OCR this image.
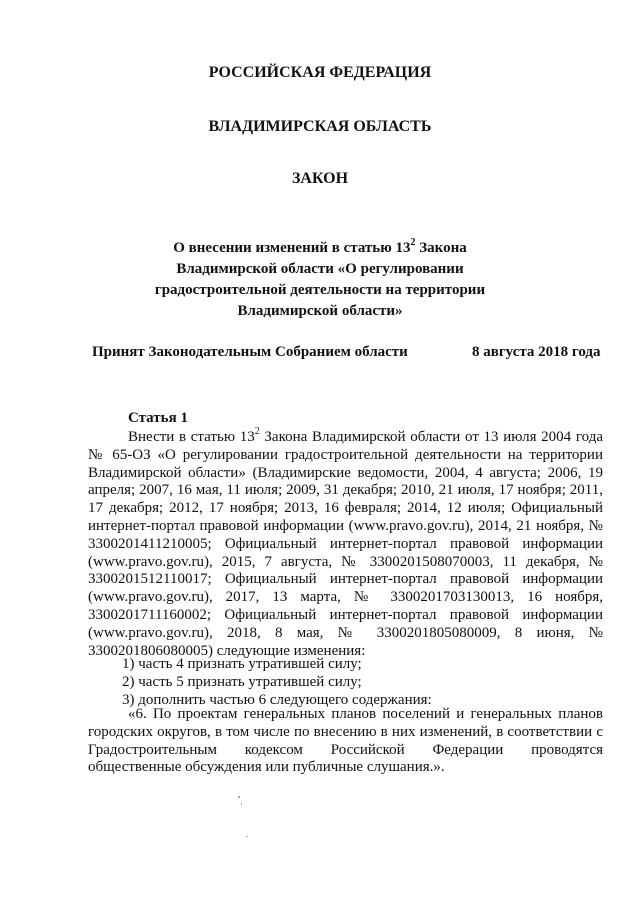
РОССИЙСКАЯ ФЕДЕРАЦИЯ
ВЛАДИМИРСКАЯ ОБЛАСТЬ
ЗАКОН
О внесении изменений в статью $13^2$ Закона
Владимирской области «О регулировании
градостроительной деятельности на территории
Владимирской области»
Принят Законодательным Собранием области	8 августа 2018 года
Статья 1
Внести в статью $13^2$ Закона Владимирской области от 13 июля 2004 года № 65-ОЗ «О регулировании градостроительной деятельности на территории Владимирской области» (Владимирские ведомости, 2004, 4 августа; 2006, 19 апреля; 2007, 16 мая, 11 июля; 2009, 31 декабря; 2010, 21 июля, 17 ноября; 2011, 17 декабря; 2012, 17 ноября; 2013, 16 февраля; 2014, 12 июля; Официальный интернет-портал правовой информации (www.pravo.gov.ru), 2014, 21 ноября, № 3300201411210005; Официальный интернет-портал правовой информации (www.pravo.gov.ru), 2015, 7 августа, № 3300201508070003, 11 декабря, № 3300201512110017; Официальный интернет-портал правовой информации (www.pravo.gov.ru), 2017, 13 марта, № 3300201703130013, 16 ноября, 3300201711160002; Официальный интернет-портал правовой информации (www.pravo.gov.ru), 2018, 8 мая, № 3300201805080009, 8 июня, № 3300201806080005) следующие изменения:
1) часть 4 признать утратившей силу;
2) часть 5 признать утратившей силу;
3) дополнить частью 6 следующего содержания:
«6. По проектам генеральных планов поселений и генеральных планов городских округов, в том числе по внесению в них изменений, в соответствии с Градостроительным кодексом Российской Федерации проводятся общественные обсуждения или публичные слушания.».
